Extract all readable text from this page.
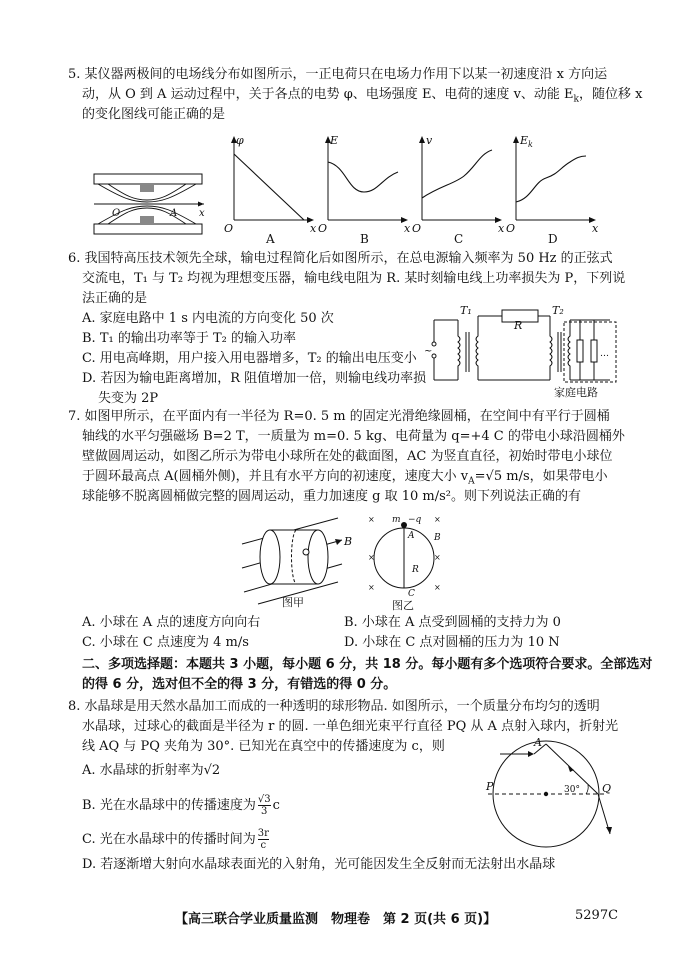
5. 某仪器两极间的电场线分布如图所示，一正电荷只在电场力作用下以某一初速度沿 x 方向运
动，从 O 到 A 运动过程中，关于各点的电势 φ、电场强度 E、电荷的速度 v、动能 $E_k$，随位移 x
的变化图线可能正确的是
O	A x
φ
O	x
A
E
O	x
B
v
O	x
C
$E_k$
O	x
D
6. 我国特高压技术领先全球，输电过程简化后如图所示，在总电源输入频率为 50 Hz 的正弦式
交流电，T₁ 与 T₂ 均视为理想变压器，输电线电阻为 R. 某时刻输电线上功率损失为 P，下列说
法正确的是
A. 家庭电路中 1 s 内电流的方向变化 50 次
B. T₁ 的输出功率等于 T₂ 的输入功率
C. 用电高峰期，用户接入用电器增多，T₂ 的输出电压变小
D. 若因为输电距离增加，R 阻值增加一倍，则输电线功率损
失变为 2P
~
T₁
R
T₂
…
家庭电路
7. 如图甲所示，在平面内有一半径为 R=0. 5 m 的固定光滑绝缘圆桶，在空间中有平行于圆桶
轴线的水平匀强磁场 B=2 T，一质量为 m=0. 5 kg、电荷量为 q=+4 C 的带电小球沿圆桶外
壁做圆周运动，如图乙所示为带电小球所在处的截面图，AC 为竖直直径，初始时带电小球位
于圆环最高点 A(圆桶外侧)，并且有水平方向的初速度，速度大小 $v_A=√5$ m/s，如果带电小
球能够不脱离圆桶做完整的圆周运动，重力加速度 g 取 10 m/s²。则下列说法正确的有
B
图甲
×	×
×	×
×	×
m −q
A B
R
C
图乙
A. 小球在 A 点的速度方向向右	B. 小球在 A 点受到圆桶的支持力为 0
C. 小球在 C 点速度为 4 m/s	D. 小球在 C 点对圆桶的压力为 10 N
二、多项选择题：本题共 3 小题，每小题 6 分，共 18 分。每小题有多个选项符合要求。全部选对
的得 6 分，选对但不全的得 3 分，有错选的得 0 分。
8. 水晶球是用天然水晶加工而成的一种透明的球形物品. 如图所示，一个质量分布均匀的透明
水晶球，过球心的截面是半径为 r 的圆. 一单色细光束平行直径 PQ 从 A 点射入球内，折射光
线 AQ 与 PQ 夹角为 30°. 已知光在真空中的传播速度为 c，则
A. 水晶球的折射率为√2
B. 光在水晶球中的传播速度为 $\frac{√3}{3}$ c
C. 光在水晶球中的传播时间为 $\frac{3r}{c}$
D. 若逐渐增大射向水晶球表面光的入射角，光可能因发生全反射而无法射出水晶球
A
P	Q
30°
【高三联合学业质量监测　物理卷　第 2 页(共 6 页)】	5297C
